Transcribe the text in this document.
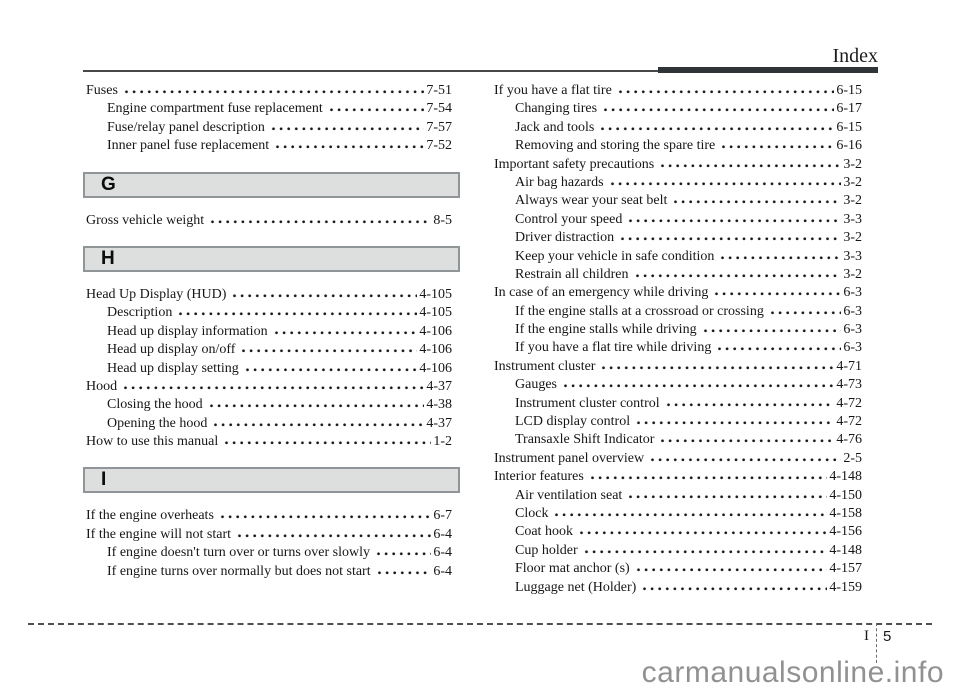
Index
Fuses	7-51
Engine compartment fuse replacement	7-54
Fuse/relay panel description	7-57
Inner panel fuse replacement	7-52
G
Gross vehicle weight	8-5
H
Head Up Display (HUD)	4-105
Description	4-105
Head up display information	4-106
Head up display on/off	4-106
Head up display setting	4-106
Hood	4-37
Closing the hood	4-38
Opening the hood	4-37
How to use this manual	1-2
I
If the engine overheats	6-7
If the engine will not start	6-4
If engine doesn't turn over or turns over slowly	6-4
If engine turns over normally but does not start	6-4
If you have a flat tire	6-15
Changing tires	6-17
Jack and tools	6-15
Removing and storing the spare tire	6-16
Important safety precautions	3-2
Air bag hazards	3-2
Always wear your seat belt	3-2
Control your speed	3-3
Driver distraction	3-2
Keep your vehicle in safe condition	3-3
Restrain all children	3-2
In case of an emergency while driving	6-3
If the engine stalls at a crossroad or crossing	6-3
If the engine stalls while driving	6-3
If you have a flat tire while driving	6-3
Instrument cluster	4-71
Gauges	4-73
Instrument cluster control	4-72
LCD display control	4-72
Transaxle Shift Indicator	4-76
Instrument panel overview	2-5
Interior features	4-148
Air ventilation seat	4-150
Clock	4-158
Coat hook	4-156
Cup holder	4-148
Floor mat anchor (s)	4-157
Luggage net (Holder)	4-159
I 5
carmanualsonline.info
